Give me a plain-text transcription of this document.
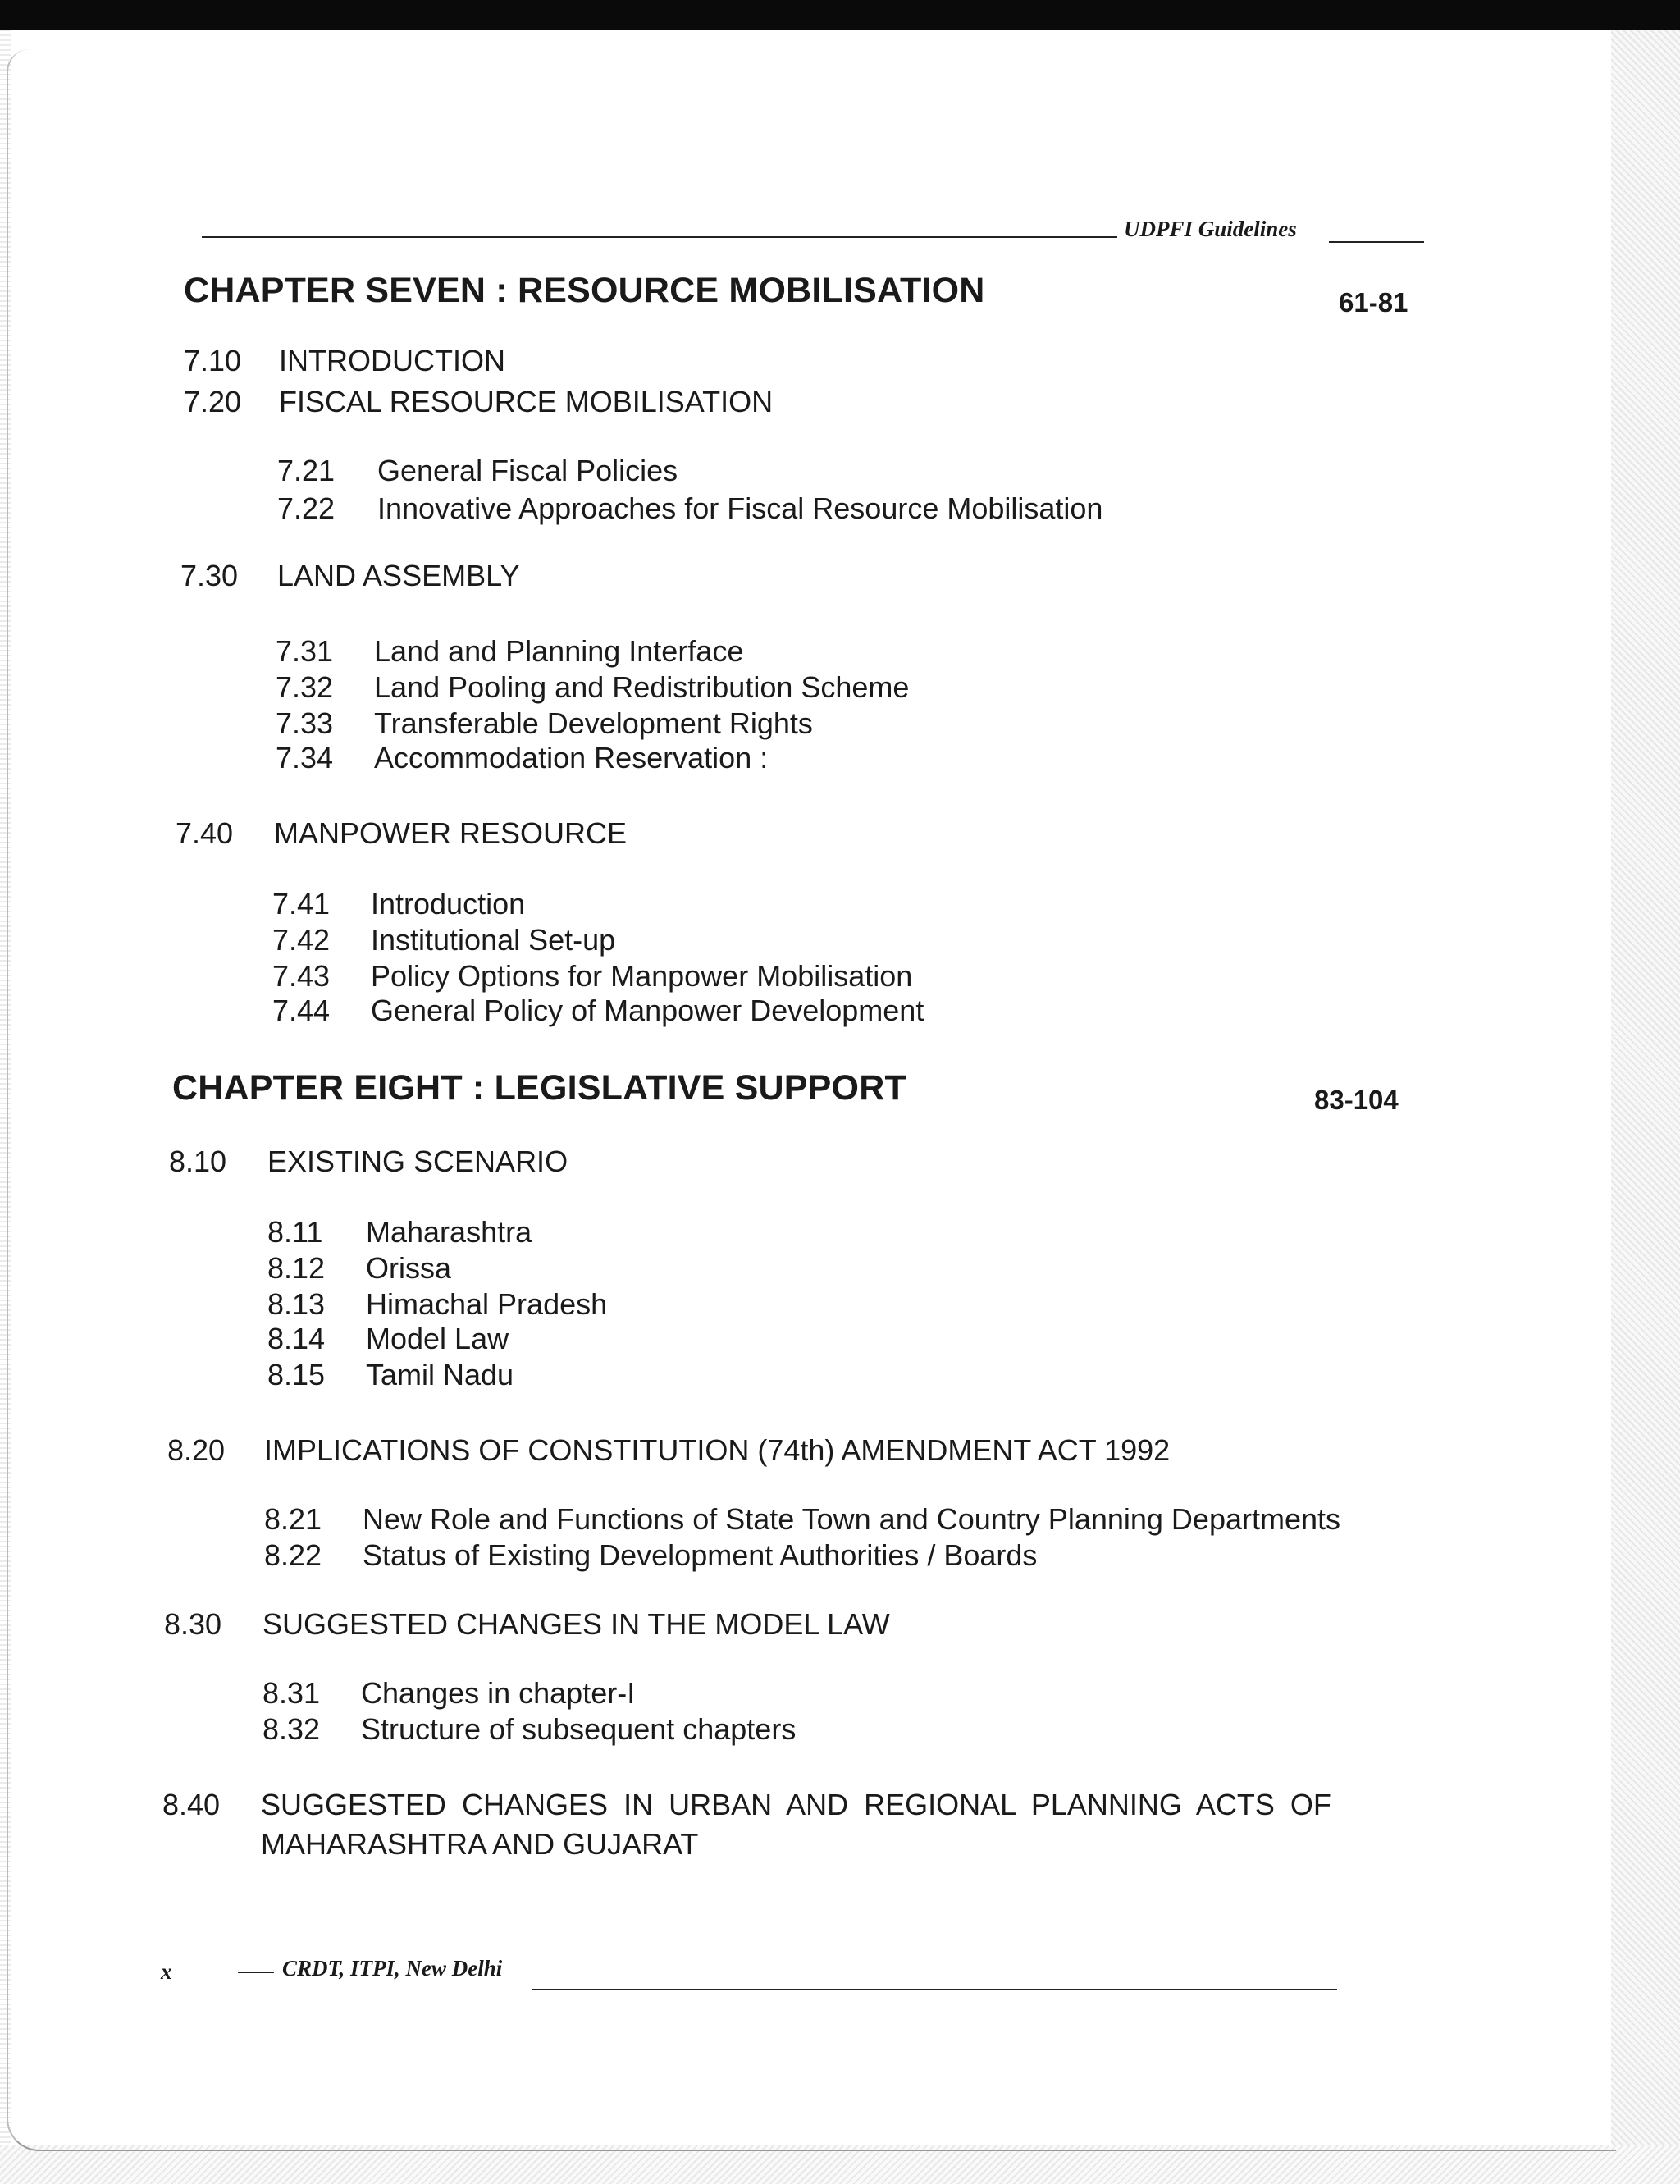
UDPFI Guidelines
CHAPTER SEVEN : RESOURCE MOBILISATION	61-81
7.10 INTRODUCTION
7.20 FISCAL RESOURCE MOBILISATION
7.21 General Fiscal Policies
7.22 Innovative Approaches for Fiscal Resource Mobilisation
7.30 LAND ASSEMBLY
7.31 Land and Planning Interface
7.32 Land Pooling and Redistribution Scheme
7.33 Transferable Development Rights
7.34 Accommodation Reservation :
7.40 MANPOWER RESOURCE
7.41 Introduction
7.42 Institutional Set-up
7.43 Policy Options for Manpower Mobilisation
7.44 General Policy of Manpower Development
CHAPTER EIGHT : LEGISLATIVE SUPPORT	83-104
8.10 EXISTING SCENARIO
8.11 Maharashtra
8.12 Orissa
8.13 Himachal Pradesh
8.14 Model Law
8.15 Tamil Nadu
8.20 IMPLICATIONS OF CONSTITUTION (74th) AMENDMENT ACT 1992
8.21 New Role and Functions of State Town and Country Planning Departments
8.22 Status of Existing Development Authorities / Boards
8.30 SUGGESTED CHANGES IN THE MODEL LAW
8.31 Changes in chapter-I
8.32 Structure of subsequent chapters
8.40 SUGGESTED CHANGES IN URBAN AND REGIONAL PLANNING ACTS OF
MAHARASHTRA AND GUJARAT
x	CRDT, ITPI, New Delhi
